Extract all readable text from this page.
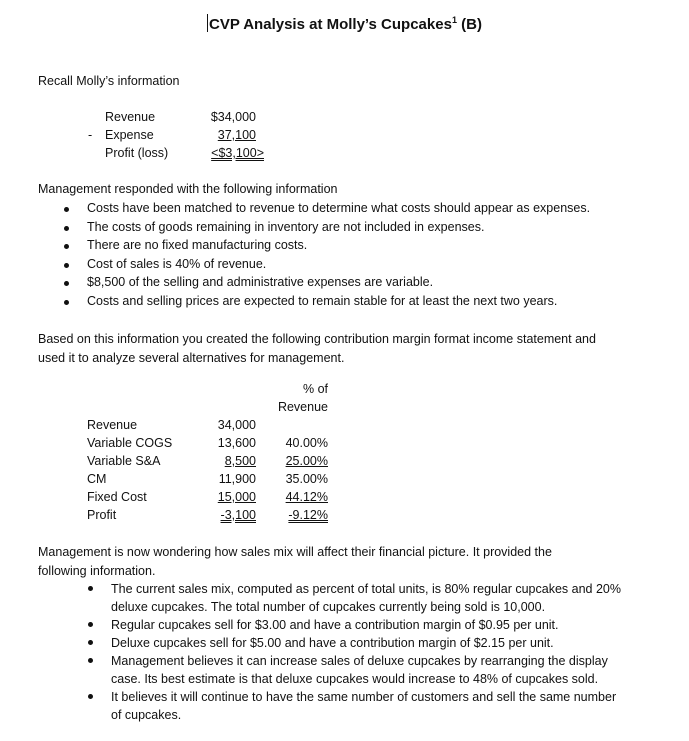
CVP Analysis at Molly’s Cupcakes$^1$ (B)
Recall Molly’s information
Revenue	$34,000
- Expense	37,100
Profit (loss)	<$3,100>
Management responded with the following information
Costs have been matched to revenue to determine what costs should appear as expenses.
The costs of goods remaining in inventory are not included in expenses.
There are no fixed manufacturing costs.
Cost of sales is 40% of revenue.
$8,500 of the selling and administrative expenses are variable.
Costs and selling prices are expected to remain stable for at least the next two years.
Based on this information you created the following contribution margin format income statement and
used it to analyze several alternatives for management.
% of
Revenue
Revenue	34,000
Variable COGS	13,600	40.00%
Variable S&A	8,500	25.00%
CM	11,900	35.00%
Fixed Cost	15,000	44.12%
Profit	-3,100	-9.12%
Management is now wondering how sales mix will affect their financial picture. It provided the
following information.
The current sales mix, computed as percent of total units, is 80% regular cupcakes and 20%
deluxe cupcakes. The total number of cupcakes currently being sold is 10,000.
Regular cupcakes sell for $3.00 and have a contribution margin of $0.95 per unit.
Deluxe cupcakes sell for $5.00 and have a contribution margin of $2.15 per unit.
Management believes it can increase sales of deluxe cupcakes by rearranging the display
case. Its best estimate is that deluxe cupcakes would increase to 48% of cupcakes sold.
It believes it will continue to have the same number of customers and sell the same number
of cupcakes.
